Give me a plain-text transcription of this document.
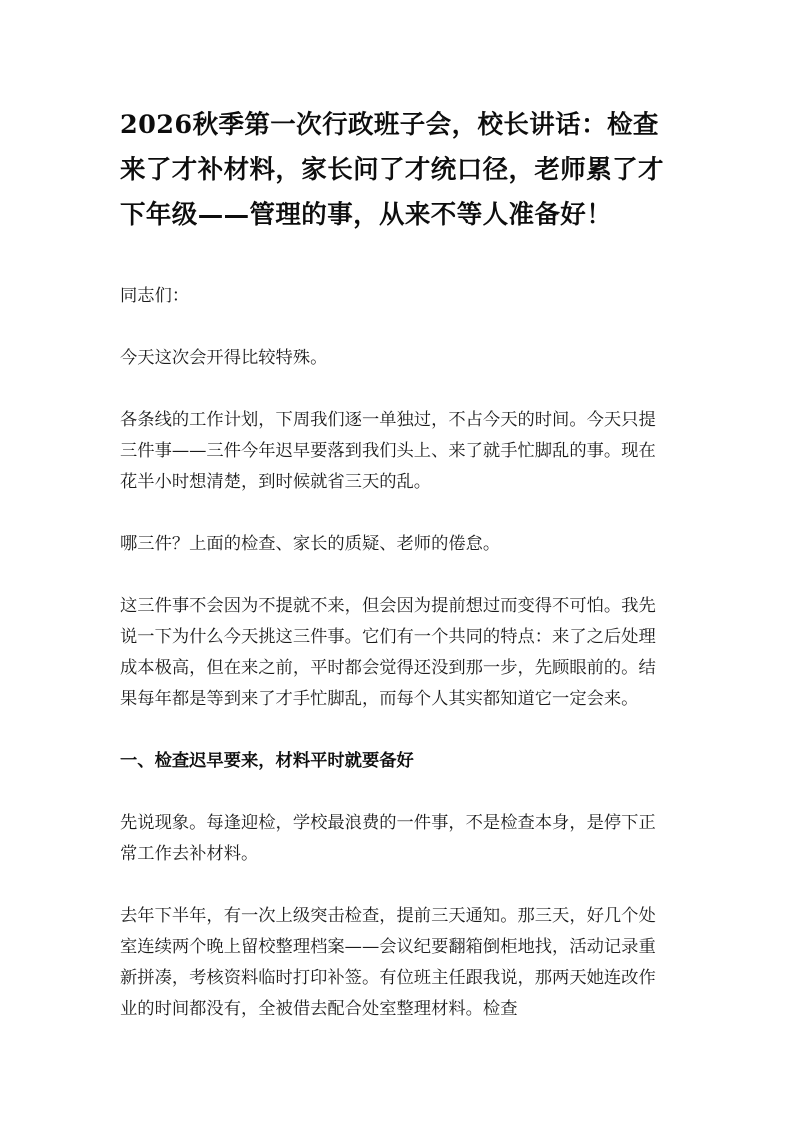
2026秋季第一次行政班子会，校长讲话：检查来了才补材料，家长问了才统口径，老师累了才下年级——管理的事，从来不等人准备好！

同志们：

今天这次会开得比较特殊。

各条线的工作计划，下周我们逐一单独过，不占今天的时间。今天只提三件事——三件今年迟早要落到我们头上、来了就手忙脚乱的事。现在花半小时想清楚，到时候就省三天的乱。

哪三件？上面的检查、家长的质疑、老师的倦怠。

这三件事不会因为不提就不来，但会因为提前想过而变得不可怕。我先说一下为什么今天挑这三件事。它们有一个共同的特点：来了之后处理成本极高，但在来之前，平时都会觉得还没到那一步，先顾眼前的。结果每年都是等到来了才手忙脚乱，而每个人其实都知道它一定会来。

一、检查迟早要来，材料平时就要备好

先说现象。每逢迎检，学校最浪费的一件事，不是检查本身，是停下正常工作去补材料。

去年下半年，有一次上级突击检查，提前三天通知。那三天，好几个处室连续两个晚上留校整理档案——会议纪要翻箱倒柜地找，活动记录重新拼凑，考核资料临时打印补签。有位班主任跟我说，那两天她连改作业的时间都没有，全被借去配合处室整理材料。检查
